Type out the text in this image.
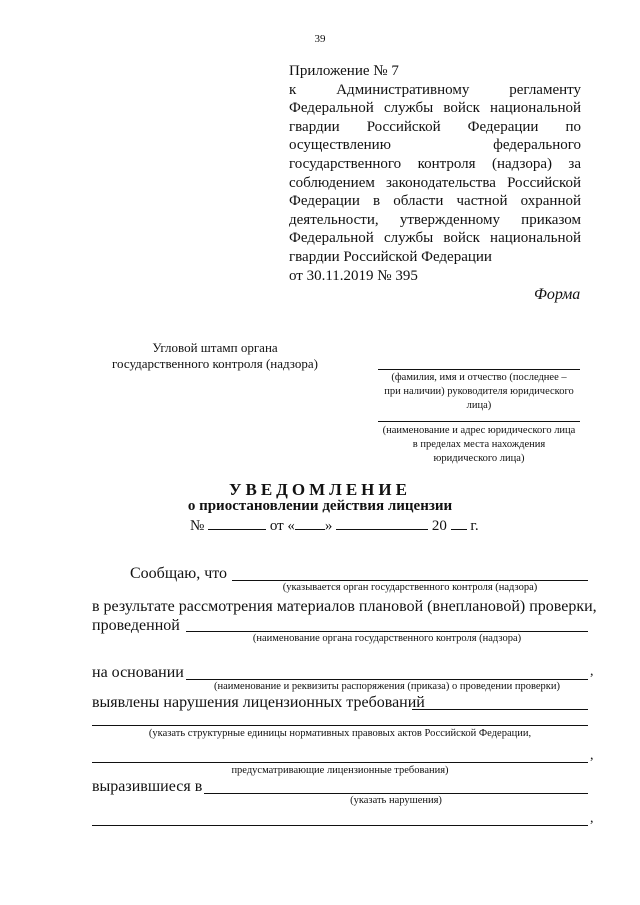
39
Приложение № 7
к Административному регламенту
Федеральной службы войск национальной
гвардии Российской Федерации по
осуществлению федерального
государственного контроля (надзора) за
соблюдением законодательства Российской
Федерации в области частной охранной
деятельности, утвержденному приказом
Федеральной службы войск национальной
гвардии Российской Федерации
от 30.11.2019 № 395
Форма
Угловой штамп органа
государственного контроля (надзора)
(фамилия, имя и отчество (последнее –
при наличии) руководителя юридического
лица)
(наименование и адрес юридического лица
в пределах места нахождения
юридического лица)
УВЕДОМЛЕНИЕ
о приостановлении действия лицензии
№	от « »	20 г.
Сообщаю, что
(указывается орган государственного контроля (надзора)
в результате рассмотрения материалов плановой (внеплановой) проверки,
проведенной
(наименование органа государственного контроля (надзора)
на основании	,
(наименование и реквизиты распоряжения (приказа) о проведении проверки)
выявлены нарушения лицензионных требований
(указать структурные единицы нормативных правовых актов Российской Федерации,
,
предусматривающие лицензионные требования)
выразившиеся в
(указать нарушения)
,
